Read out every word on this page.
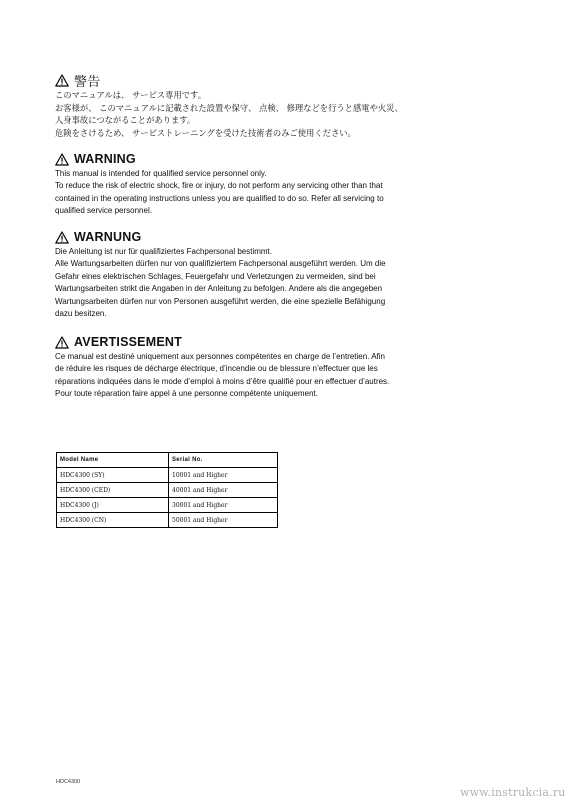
警告
このマニュアルは、 サービス専用です。
お客様が、 このマニュアルに記載された設置や保守、 点検、 修理などを行うと感電や火災、
人身事故につながることがあります。
危険をさけるため、 サービストレーニングを受けた技術者のみご使用ください。
WARNING
This manual is intended for qualified service personnel only.
To reduce the risk of electric shock, fire or injury, do not perform any servicing other than that
contained in the operating instructions unless you are qualified to do so. Refer all servicing to
qualified service personnel.
WARNUNG
Die Anleitung ist nur für qualifiziertes Fachpersonal bestimmt.
Alle Wartungsarbeiten dürfen nur von qualifiziertem Fachpersonal ausgeführt werden. Um die
Gefahr eines elektrischen Schlages, Feuergefahr und Verletzungen zu vermeiden, sind bei
Wartungsarbeiten strikt die Angaben in der Anleitung zu befolgen. Andere als die angegeben
Wartungsarbeiten dürfen nur von Personen ausgeführt werden, die eine spezielle Befähigung
dazu besitzen.
AVERTISSEMENT
Ce manual est destiné uniquement aux personnes compétentes en charge de l’entretien. Afin
de réduire les risques de décharge électrique, d’incendie ou de blessure n’effectuer que les
réparations indiquées dans le mode d’emploi à moins d’être qualifié pour en effectuer d’autres.
Pour toute réparation faire appel à une personne compétente uniquement.
Model Name	Serial No.
HDC4300 (SY)	10001 and Higher
HDC4300 (CED)	40001 and Higher
HDC4300 (J)	30001 and Higher
HDC4300 (CN)	50001 and Higher
HDC4300
www.instrukcia.ru
